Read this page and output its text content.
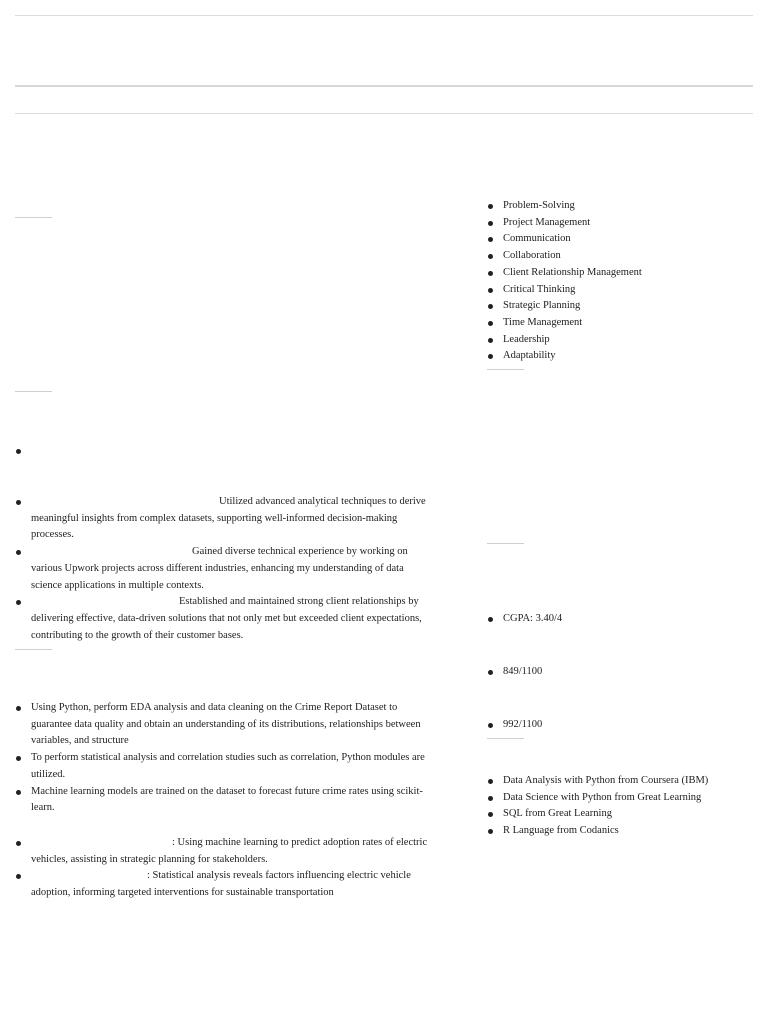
Problem-Solving
Project Management
Communication
Collaboration
Client Relationship Management
Critical Thinking
Strategic Planning
Time Management
Leadership
Adaptability
Utilized advanced analytical techniques to derive meaningful insights from complex datasets, supporting well-informed decision-making processes.
Gained diverse technical experience by working on various Upwork projects across different industries, enhancing my understanding of data science applications in multiple contexts.
Established and maintained strong client relationships by delivering effective, data-driven solutions that not only met but exceeded client expectations, contributing to the growth of their customer bases.
Using Python, perform EDA analysis and data cleaning on the Crime Report Dataset to guarantee data quality and obtain an understanding of its distributions, relationships between variables, and structure
To perform statistical analysis and correlation studies such as correlation, Python modules are utilized.
Machine learning models are trained on the dataset to forecast future crime rates using scikit-learn.
: Using machine learning to predict adoption rates of electric vehicles, assisting in strategic planning for stakeholders.
: Statistical analysis reveals factors influencing electric vehicle adoption, informing targeted interventions for sustainable transportation
CGPA: 3.40/4
849/1100
992/1100
Data Analysis with Python from Coursera (IBM)
Data Science with Python from Great Learning
SQL from Great Learning
R Language from Codanics
